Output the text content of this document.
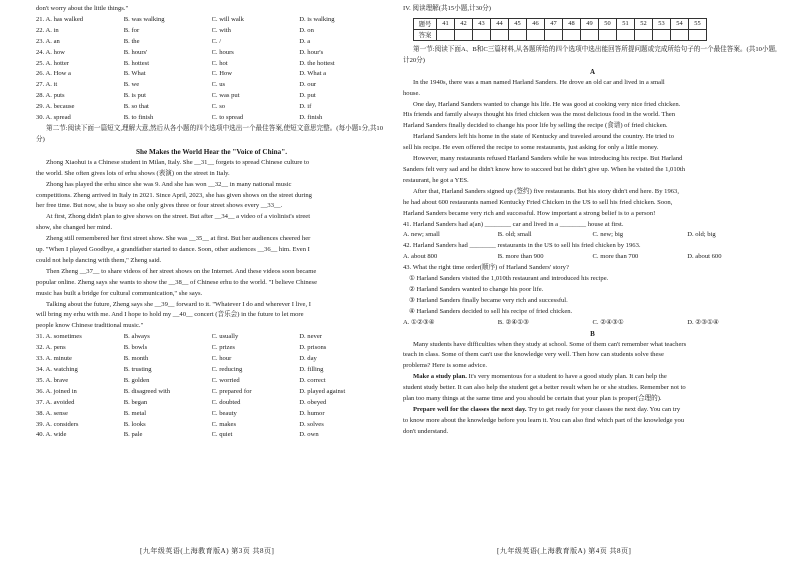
don't worry about the little things."
21. A. has walked	B. was walking	C. will walk	D. is walking
22. A. in	B. for	C. with	D. on
23. A. an	B. the	C. /	D. a
24. A. how	B. hours'	C. hours	D. hour's
25. A. hotter	B. hottest	C. hot	D. the hottest
26. A. How a	B. What	C. How	D. What a
27. A. it	B. we	C. us	D. our
28. A. puts	B. is put	C. was put	D. put
29. A. because	B. so that	C. so	D. if
30. A. spread	B. to finish	C. to spread	D. finish
第二节:阅读下面一篇短文,理解大意,然后从各小题的四个选项中选出一个最佳答案,使短文意思完整。(每小题1分,共10分)
She Makes the World Hear the "Voice of China".
Zhong Xiaohui is a Chinese student in Milan, Italy. She __31__ forgets to spread Chinese culture to
the world. She often gives lots of erhu shows (表演) on the street in Italy.
Zhong has played the erhu since she was 9. And she has won __32__ in many national music
competitions. Zheng arrived in Italy in 2021. Since April, 2023, she has given shows on the street during
her free time. But now, she is busy so she only gives three or four street shows every __33__.
At first, Zhong didn't plan to give shows on the street. But after __34__ a video of a violinist's street
show, she changed her mind.
Zheng still remembered her first street show. She was __35__ at first. But her audiences cheered her
up. "When I played Goodbye, a grandfather started to dance. Soon, other audiences __36__ him. Even I
could not help dancing with them," Zheng said.
Then Zheng __37__ to share videos of her street shows on the Internet. And these videos soon became
popular online. Zheng says she wants to show the __38__ of Chinese erhu to the world. "I believe Chinese
music has built a bridge for cultural communication," she says.
Talking about the future, Zheng says she __39__ forward to it. "Whatever I do and wherever I live, I
will bring my erhu with me. And I hope to hold my __40__ concert (音乐会) in the future to let more
people know Chinese traditional music."
31. A. sometimes	B. always	C. usually	D. never
32. A. pens	B. bowls	C. prizes	D. prisons
33. A. minute	B. month	C. hour	D. day
34. A. watching	B. trusting	C. reducing	D. filling
35. A. brave	B. golden	C. worried	D. correct
36. A. joined in	B. disagreed with	C. prepared for	D. played against
37. A. avoided	B. began	C. doubted	D. obeyed
38. A. sense	B. metal	C. beauty	D. humor
39. A. considers	B. looks	C. makes	D. solves
40. A. wide	B. pale	C. quiet	D. own
[九年级英语(上海教育版A) 第3页 共8页]
IV. 阅读理解(共15小题,计30分)
题号	41	42	43	44	45	46	47	48	49	50	51	52	53	54	55
答案															
第一节:阅读下面A、B和C三篇材料,从各题所给的四个选项中选出能回答所提问题或完成所给句子的一个最佳答案。(共10小题,计20分)
A
In the 1940s, there was a man named Harland Sanders. He drove an old car and lived in a small
house.
One day, Harland Sanders wanted to change his life. He was good at cooking very nice fried chicken.
His friends and family always thought his fried chicken was the most delicious food in the world. Then
Harland Sanders finally decided to change his poor life by selling the recipe (食谱) of fried chicken.
Harland Sanders left his home in the state of Kentucky and traveled around the country. He tried to
sell his recipe. He even offered the recipe to some restaurants, just asking for only a little money.
However, many restaurants refused Harland Sanders while he was introducing his recipe. But Harland
Sanders felt very sad and he didn't know how to succeed but he didn't give up. When he visited the 1,010th
restaurant, he got a YES.
After that, Harland Sanders signed up (签约) five restaurants. But his story didn't end here. By 1963,
he had about 600 restaurants named Kentucky Fried Chicken in the US to sell his fried chicken. Soon,
Harland Sanders became very rich and successful. How important a strong belief is to a person!
41. Harland Sanders had a(an) ________ car and lived in a ________ house at first.
A. new; small	B. old; small	C. new; big	D. old; big
42. Harland Sanders had ________ restaurants in the US to sell his fried chicken by 1963.
A. about 800	B. more than 900	C. more than 700	D. about 600
43. What the right time order(顺序) of Harland Sanders' story?
① Harland Sanders visited the 1,010th restaurant and introduced his recipe.
② Harland Sanders wanted to change his poor life.
③ Harland Sanders finally became very rich and successful.
④ Harland Sanders decided to sell his recipe of fried chicken.
A. ①②③④	B. ②④①③	C. ②④③①	D. ②③①④
B
Many students have difficulties when they study at school. Some of them can't remember what teachers
teach in class. Some of them can't use the knowledge very well. Then how can students solve these
problems? Here is some advice.
Make a study plan. It's very momentous for a student to have a good study plan. It can help the
student study better. It can also help the student get a better result when he or she studies. Remember not to
plan too many things at the same time and you should be certain that your plan is proper(合理的).
Prepare well for the classes the next day. Try to get ready for your classes the next day. You can try
to know more about the knowledge before you learn it. You can also find which part of the knowledge you
don't understand.
[九年级英语(上海教育版A) 第4页 共8页]
